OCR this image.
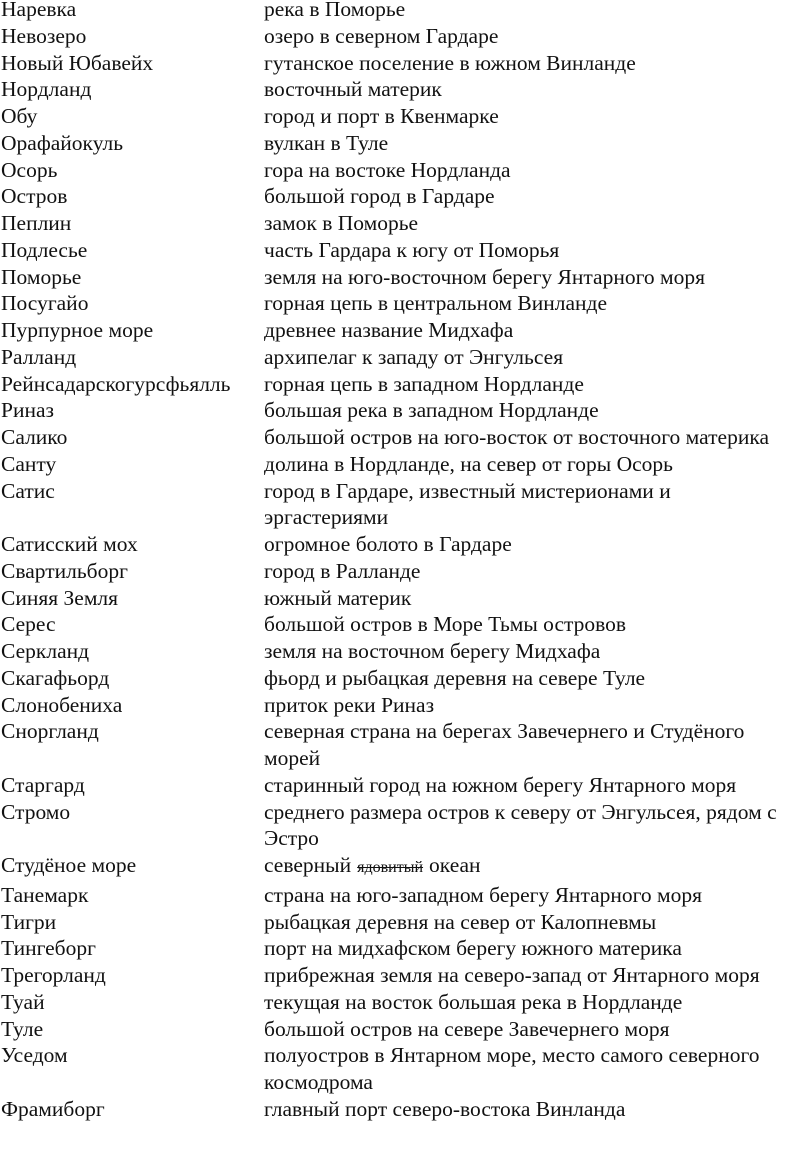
Наревка	река в Поморье
Невозеро	озеро в северном Гардаре
Новый Юбавейх	гутанское поселение в южном Винланде
Нордланд	восточный материк
Обу	город и порт в Квенмарке
Орафайокуль	вулкан в Туле
Осорь	гора на востоке Нордланда
Остров	большой город в Гардаре
Пеплин	замок в Поморье
Подлесье	часть Гардара к югу от Поморья
Поморье	земля на юго-восточном берегу Янтарного моря
Посугайо	горная цепь в центральном Винланде
Пурпурное море	древнее название Мидхафа
Ралланд	архипелаг к западу от Энгульсея
Рейнсадарскогурсфьялль	горная цепь в западном Нордланде
Риназ	большая река в западном Нордланде
Салико	большой остров на юго-восток от восточного материка
Санту	долина в Нордланде, на север от горы Осорь
Сатис	город в Гардаре, известный мистерионами и эргастериями
Сатисский мох	огромное болото в Гардаре
Свартильборг	город в Ралланде
Синяя Земля	южный материк
Серес	большой остров в Море Тьмы островов
Серкланд	земля на восточном берегу Мидхафа
Скагафьорд	фьорд и рыбацкая деревня на севере Туле
Слонобениха	приток реки Риназ
Сноргланд	северная страна на берегах Завечернего и Студёного морей
Старгард	старинный город на южном берегу Янтарного моря
Стромо	среднего размера остров к северу от Энгульсея, рядом с Эстро
Студёное море	северный ядовитый океан
Танемарк	страна на юго-западном берегу Янтарного моря
Тигри	рыбацкая деревня на север от Калопневмы
Тингеборг	порт на мидхафском берегу южного материка
Трегорланд	прибрежная земля на северо-запад от Янтарного моря
Туай	текущая на восток большая река в Нордланде
Туле	большой остров на севере Завечернего моря
Уседом	полуостров в Янтарном море, место самого северного космодрома
Фрамиборг	главный порт северо-востока Винланда
